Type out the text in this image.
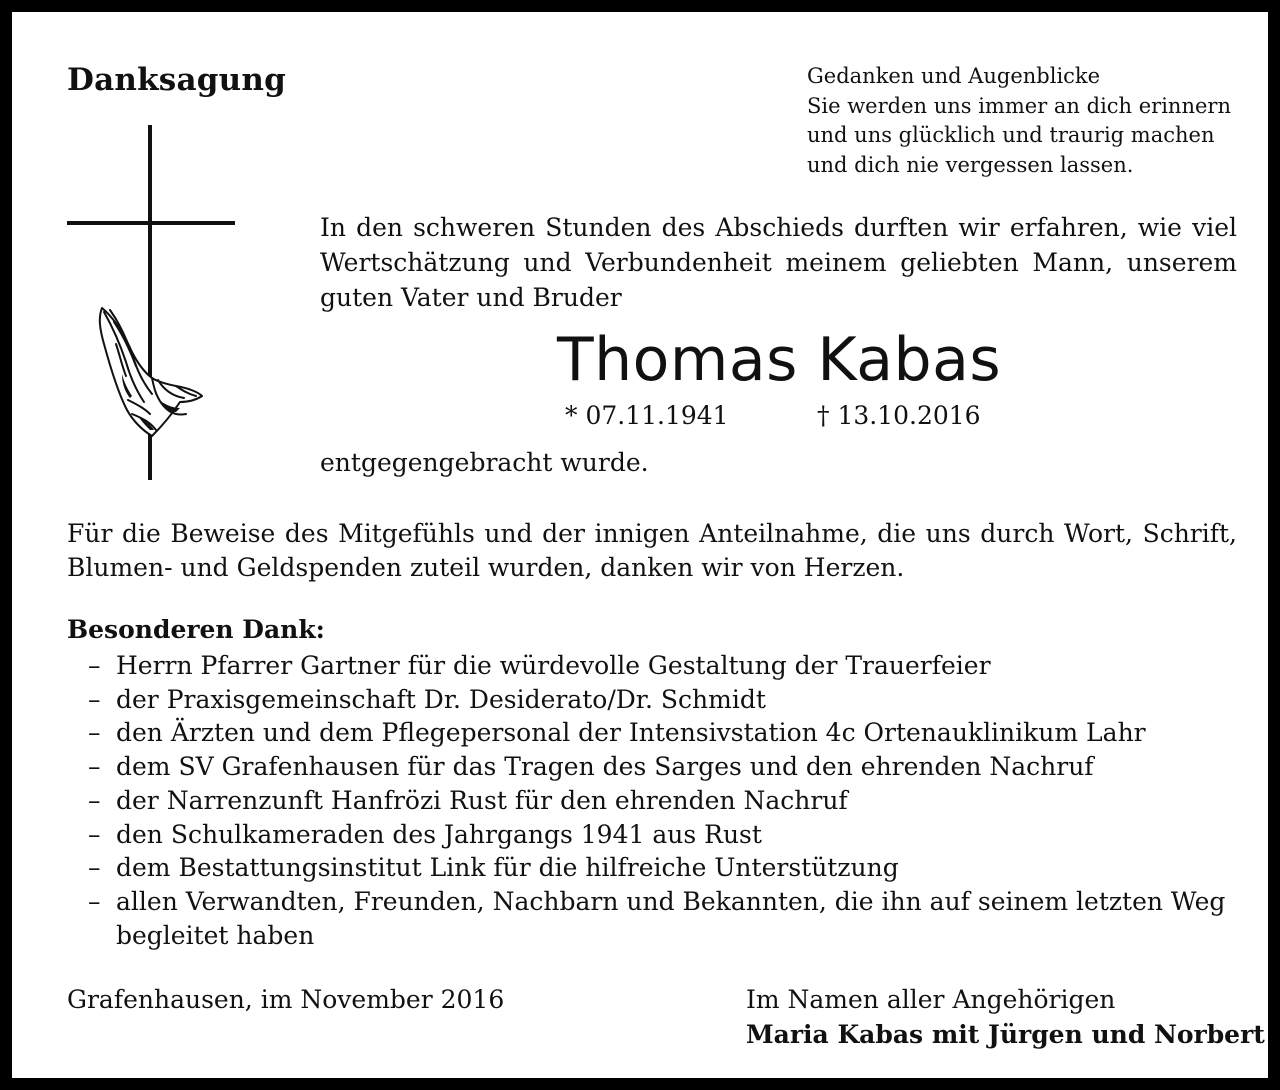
Danksagung	Gedanken und Augenblicke
Sie werden uns immer an dich erinnern
und uns glücklich und traurig machen
und dich nie vergessen lassen.
In den schweren Stunden des Abschieds durften wir erfahren, wie viel
Wertschätzung und Verbundenheit meinem geliebten Mann, unserem
guten Vater und Bruder
Thomas Kabas
* 07.11.1941	† 13.10.2016
entgegengebracht wurde.
Für die Beweise des Mitgefühls und der innigen Anteilnahme, die uns durch Wort, Schrift,
Blumen- und Geldspenden zuteil wurden, danken wir von Herzen.
Besonderen Dank:
– Herrn Pfarrer Gartner für die würdevolle Gestaltung der Trauerfeier
– der Praxisgemeinschaft Dr. Desiderato/Dr. Schmidt
– den Ärzten und dem Pflegepersonal der Intensivstation 4c Ortenauklinikum Lahr
– dem SV Grafenhausen für das Tragen des Sarges und den ehrenden Nachruf
– der Narrenzunft Hanfrözi Rust für den ehrenden Nachruf
– den Schulkameraden des Jahrgangs 1941 aus Rust
– dem Bestattungsinstitut Link für die hilfreiche Unterstützung
– allen Verwandten, Freunden, Nachbarn und Bekannten, die ihn auf seinem letzten Weg
begleitet haben
Grafenhausen, im November 2016	Im Namen aller Angehörigen
Maria Kabas mit Jürgen und Norbert
